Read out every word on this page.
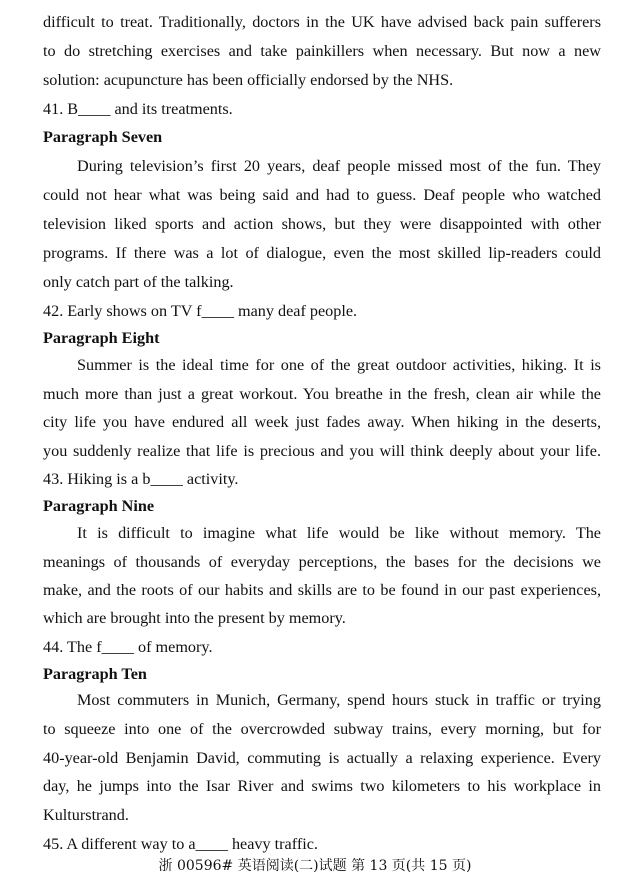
difficult to treat. Traditionally, doctors in the UK have advised back pain sufferers
to do stretching exercises and take painkillers when necessary. But now a new
solution: acupuncture has been officially endorsed by the NHS.
41. B____ and its treatments.
Paragraph Seven
During television’s first 20 years, deaf people missed most of the fun. They
could not hear what was being said and had to guess. Deaf people who watched
television liked sports and action shows, but they were disappointed with other
programs. If there was a lot of dialogue, even the most skilled lip-readers could
only catch part of the talking.
42. Early shows on TV f____ many deaf people.
Paragraph Eight
Summer is the ideal time for one of the great outdoor activities, hiking. It is
much more than just a great workout. You breathe in the fresh, clean air while the
city life you have endured all week just fades away. When hiking in the deserts,
you suddenly realize that life is precious and you will think deeply about your life.
43. Hiking is a b____ activity.
Paragraph Nine
It is difficult to imagine what life would be like without memory. The
meanings of thousands of everyday perceptions, the bases for the decisions we
make, and the roots of our habits and skills are to be found in our past experiences,
which are brought into the present by memory.
44. The f____ of memory.
Paragraph Ten
Most commuters in Munich, Germany, spend hours stuck in traffic or trying
to squeeze into one of the overcrowded subway trains, every morning, but for
40-year-old Benjamin David, commuting is actually a relaxing experience. Every
day, he jumps into the Isar River and swims two kilometers to his workplace in
Kulturstrand.
45. A different way to a____ heavy traffic.
浙 00596# 英语阅读(二)试题 第 13 页(共 15 页)
